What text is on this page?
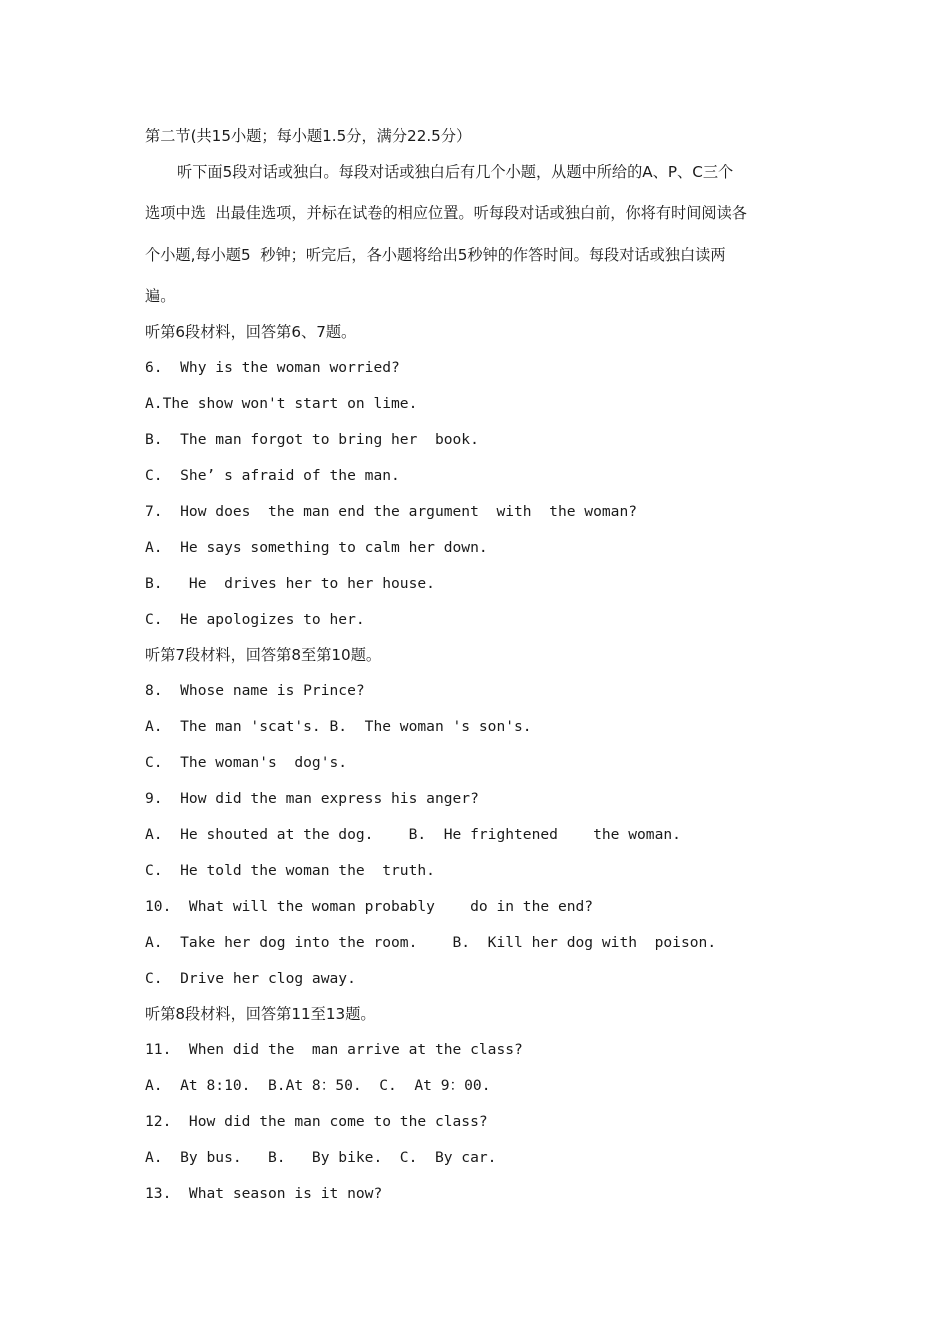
第二节(共15小题；每小题1.5分，满分22.5分）
听下面5段对话或独白。每段对话或独白后有几个小题，从题中所给的A、P、C三个
选项中选  出最佳选项，并标在试卷的相应位置。听每段对话或独白前，你将有时间阅读各
个小题,每小题5  秒钟；听完后，各小题将给出5秒钟的作答时间。每段对话或独白读两
遍。
听第6段材料，回答第6、7题。
6.  Why is the woman worried?
A.The show won't start on lime.
B.  The man forgot to bring her  book.
C.  She’ s afraid of the man.
7.  How does  the man end the argument  with  the woman?
A.  He says something to calm her down.
B.   He  drives her to her house.
C.  He apologizes to her.
听第7段材料，回答第8至第10题。
8.  Whose name is Prince?
A.  The man 'scat's. B.  The woman 's son's.
C.  The woman's  dog's.
9.  How did the man express his anger?
A.  He shouted at the dog.    B.  He frightened    the woman.
C.  He told the woman the  truth.
10.  What will the woman probably    do in the end?
A.  Take her dog into the room.    B.  Kill her dog with  poison.
C.  Drive her clog away.
听第8段材料，回答第11至13题。
11.  When did the  man arrive at the class?
A.  At 8:10.  B.At 8：50.  C.  At 9：00.
12.  How did the man come to the class?
A.  By bus.   B.   By bike.  C.  By car.
13.  What season is it now?
